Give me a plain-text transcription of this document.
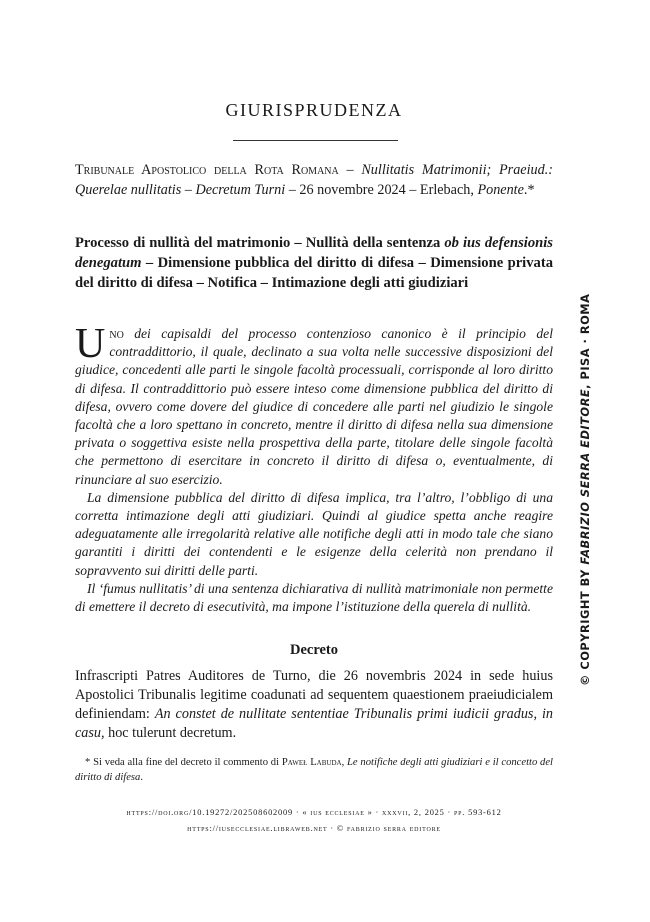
GIURISPRUDENZA
Tribunale Apostolico della Rota Romana – Nullitatis Matrimonii; Praeiud.: Querelae nullitatis – Decretum Turni – 26 novembre 2024 – Erlebach, Ponente.*
Processo di nullità del matrimonio – Nullità della sentenza ob ius defensionis denegatum – Dimensione pubblica del diritto di difesa – Dimensione privata del diritto di difesa – Notifica – Intimazione degli atti giudiziari

Uno dei capisaldi del processo contenzioso canonico è il principio del contraddittorio, il quale, declinato a sua volta nelle successive disposizioni del giudice, concedenti alle parti le singole facoltà processuali, corrisponde al loro diritto di difesa. Il contraddittorio può essere inteso come dimensione pubblica del diritto di difesa, ovvero come dovere del giudice di concedere alle parti nel giudizio le singole facoltà che a loro spettano in concreto, mentre il diritto di difesa nella sua dimensione privata o soggettiva esiste nella prospettiva della parte, titolare delle singole facoltà che permettono di esercitare in concreto il diritto di difesa o, eventualmente, di rinunciare al suo esercizio.

La dimensione pubblica del diritto di difesa implica, tra l’altro, l’obbligo di una corretta intimazione degli atti giudiziari. Quindi al giudice spetta anche reagire adeguatamente alle irregolarità relative alle notifiche degli atti in modo tale che siano garantiti i diritti dei contendenti e le esigenze della celerità non prendano il sopravvento sui diritti delle parti.

Il ‘fumus nullitatis’ di una sentenza dichiarativa di nullità matrimoniale non permette di emettere il decreto di esecutività, ma impone l’istituzione della querela di nullità.

Decreto

Infrascripti Patres Auditores de Turno, die 26 novembris 2024 in sede huius Apostolici Tribunalis legitime coadunati ad sequentem quaestionem praeiudicialem definiendam: An constet de nullitate sententiae Tribunalis primi iudicii gradus, in casu, hoc tulerunt decretum.

* Si veda alla fine del decreto il commento di Paweł Labuda, Le notifiche degli atti giudiziari e il concetto del diritto di difesa.

https://doi.org/10.19272/202508602009 · « ius ecclesiae » · xxxvii, 2, 2025 · pp. 593-612
https://iusecclesiae.libraweb.net · © fabrizio serra editore
© COPYRIGHT BY FABRIZIO SERRA EDITORE, PISA · ROMA
